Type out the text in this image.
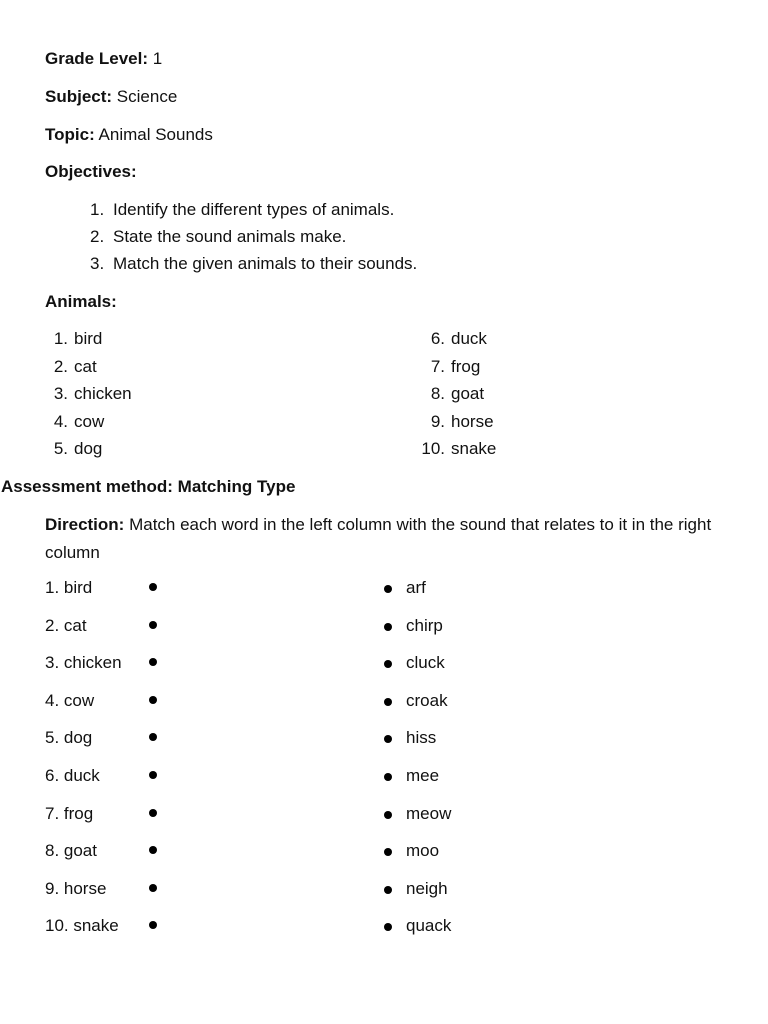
Grade Level: 1
Subject: Science
Topic: Animal Sounds
Objectives:
1. Identify the different types of animals.
2. State the sound animals make.
3. Match the given animals to their sounds.
Animals:
1. bird
2. cat
3. chicken
4. cow
5. dog
6. duck
7. frog
8. goat
9. horse
10. snake
Assessment method: Matching Type
Direction: Match each word in the left column with the sound that relates to it in the right column
1. bird	arf
2. cat	chirp
3. chicken	cluck
4. cow	croak
5. dog	hiss
6. duck	mee
7. frog	meow
8. goat	moo
9. horse	neigh
10. snake	quack
